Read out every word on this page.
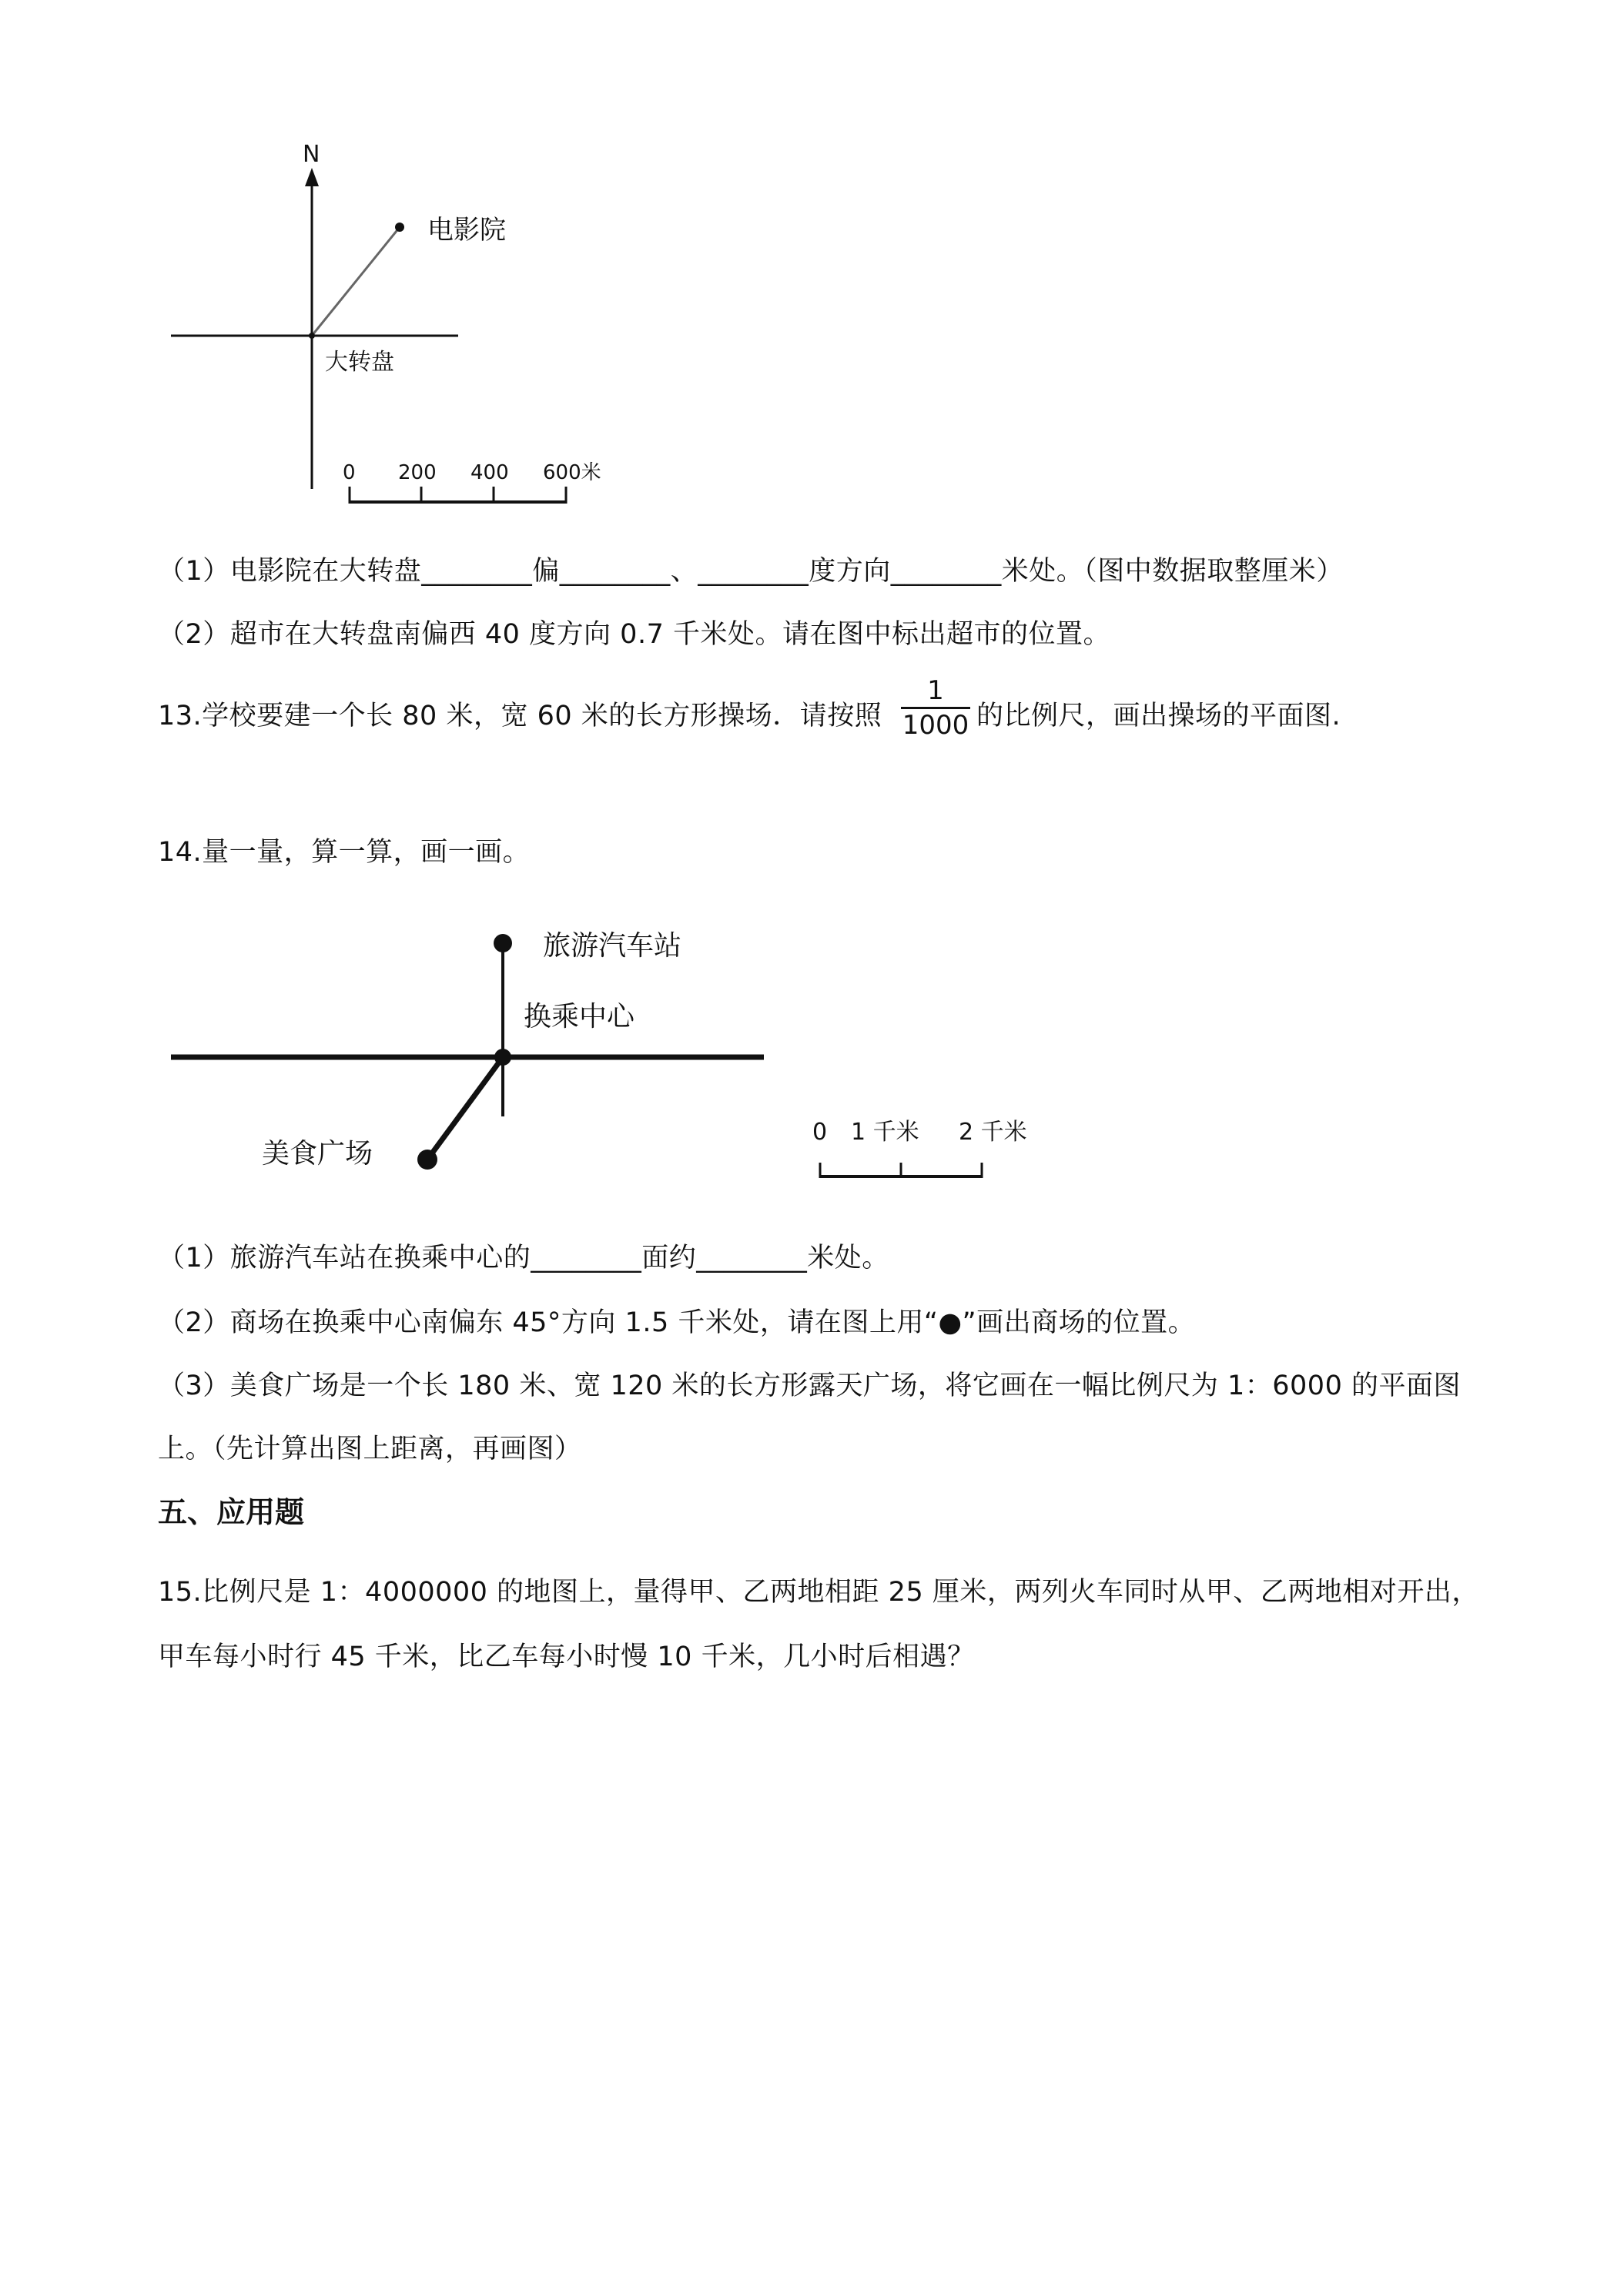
N
电影院
大转盘
0 200 400 600米
（1）电影院在大转盘________偏________、________度方向________米处。（图中数据取整厘米）
（2）超市在大转盘南偏西 40 度方向 0.7 千米处。请在图中标出超市的位置。
13.学校要建一个长 80 米，宽 60 米的长方形操场．请按照
1
1000 的比例尺，画出操场的平面图.
14.量一量，算一算，画一画。
旅游汽车站
换乘中心
美食广场
0 1 千米 2 千米
（1）旅游汽车站在换乘中心的________面约________米处。
（2）商场在换乘中心南偏东 45°方向 1.5 千米处，请在图上用“●”画出商场的位置。
（3）美食广场是一个长 180 米、宽 120 米的长方形露天广场，将它画在一幅比例尺为 1：6000 的平面图
上。（先计算出图上距离，再画图）
五、应用题
15.比例尺是 1：4000000 的地图上，量得甲、乙两地相距 25 厘米，两列火车同时从甲、乙两地相对开出，
甲车每小时行 45 千米，比乙车每小时慢 10 千米，几小时后相遇？
